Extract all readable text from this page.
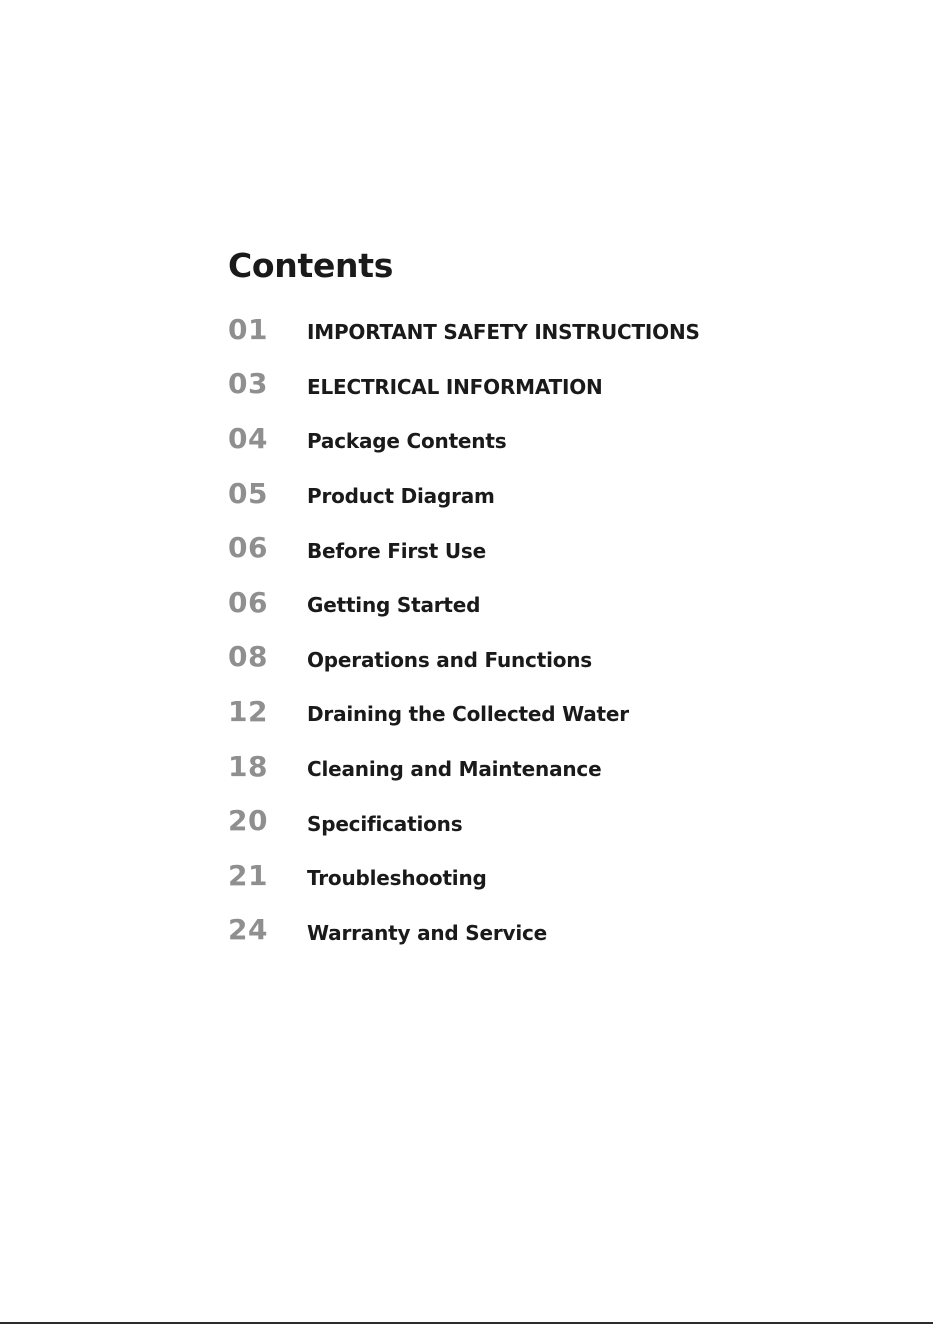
Contents
01	IMPORTANT SAFETY INSTRUCTIONS
03	ELECTRICAL INFORMATION
04	Package Contents
05	Product Diagram
06	Before First Use
06	Getting Started
08	Operations and Functions
12	Draining the Collected Water
18	Cleaning and Maintenance
20	Specifications
21	Troubleshooting
24	Warranty and Service
